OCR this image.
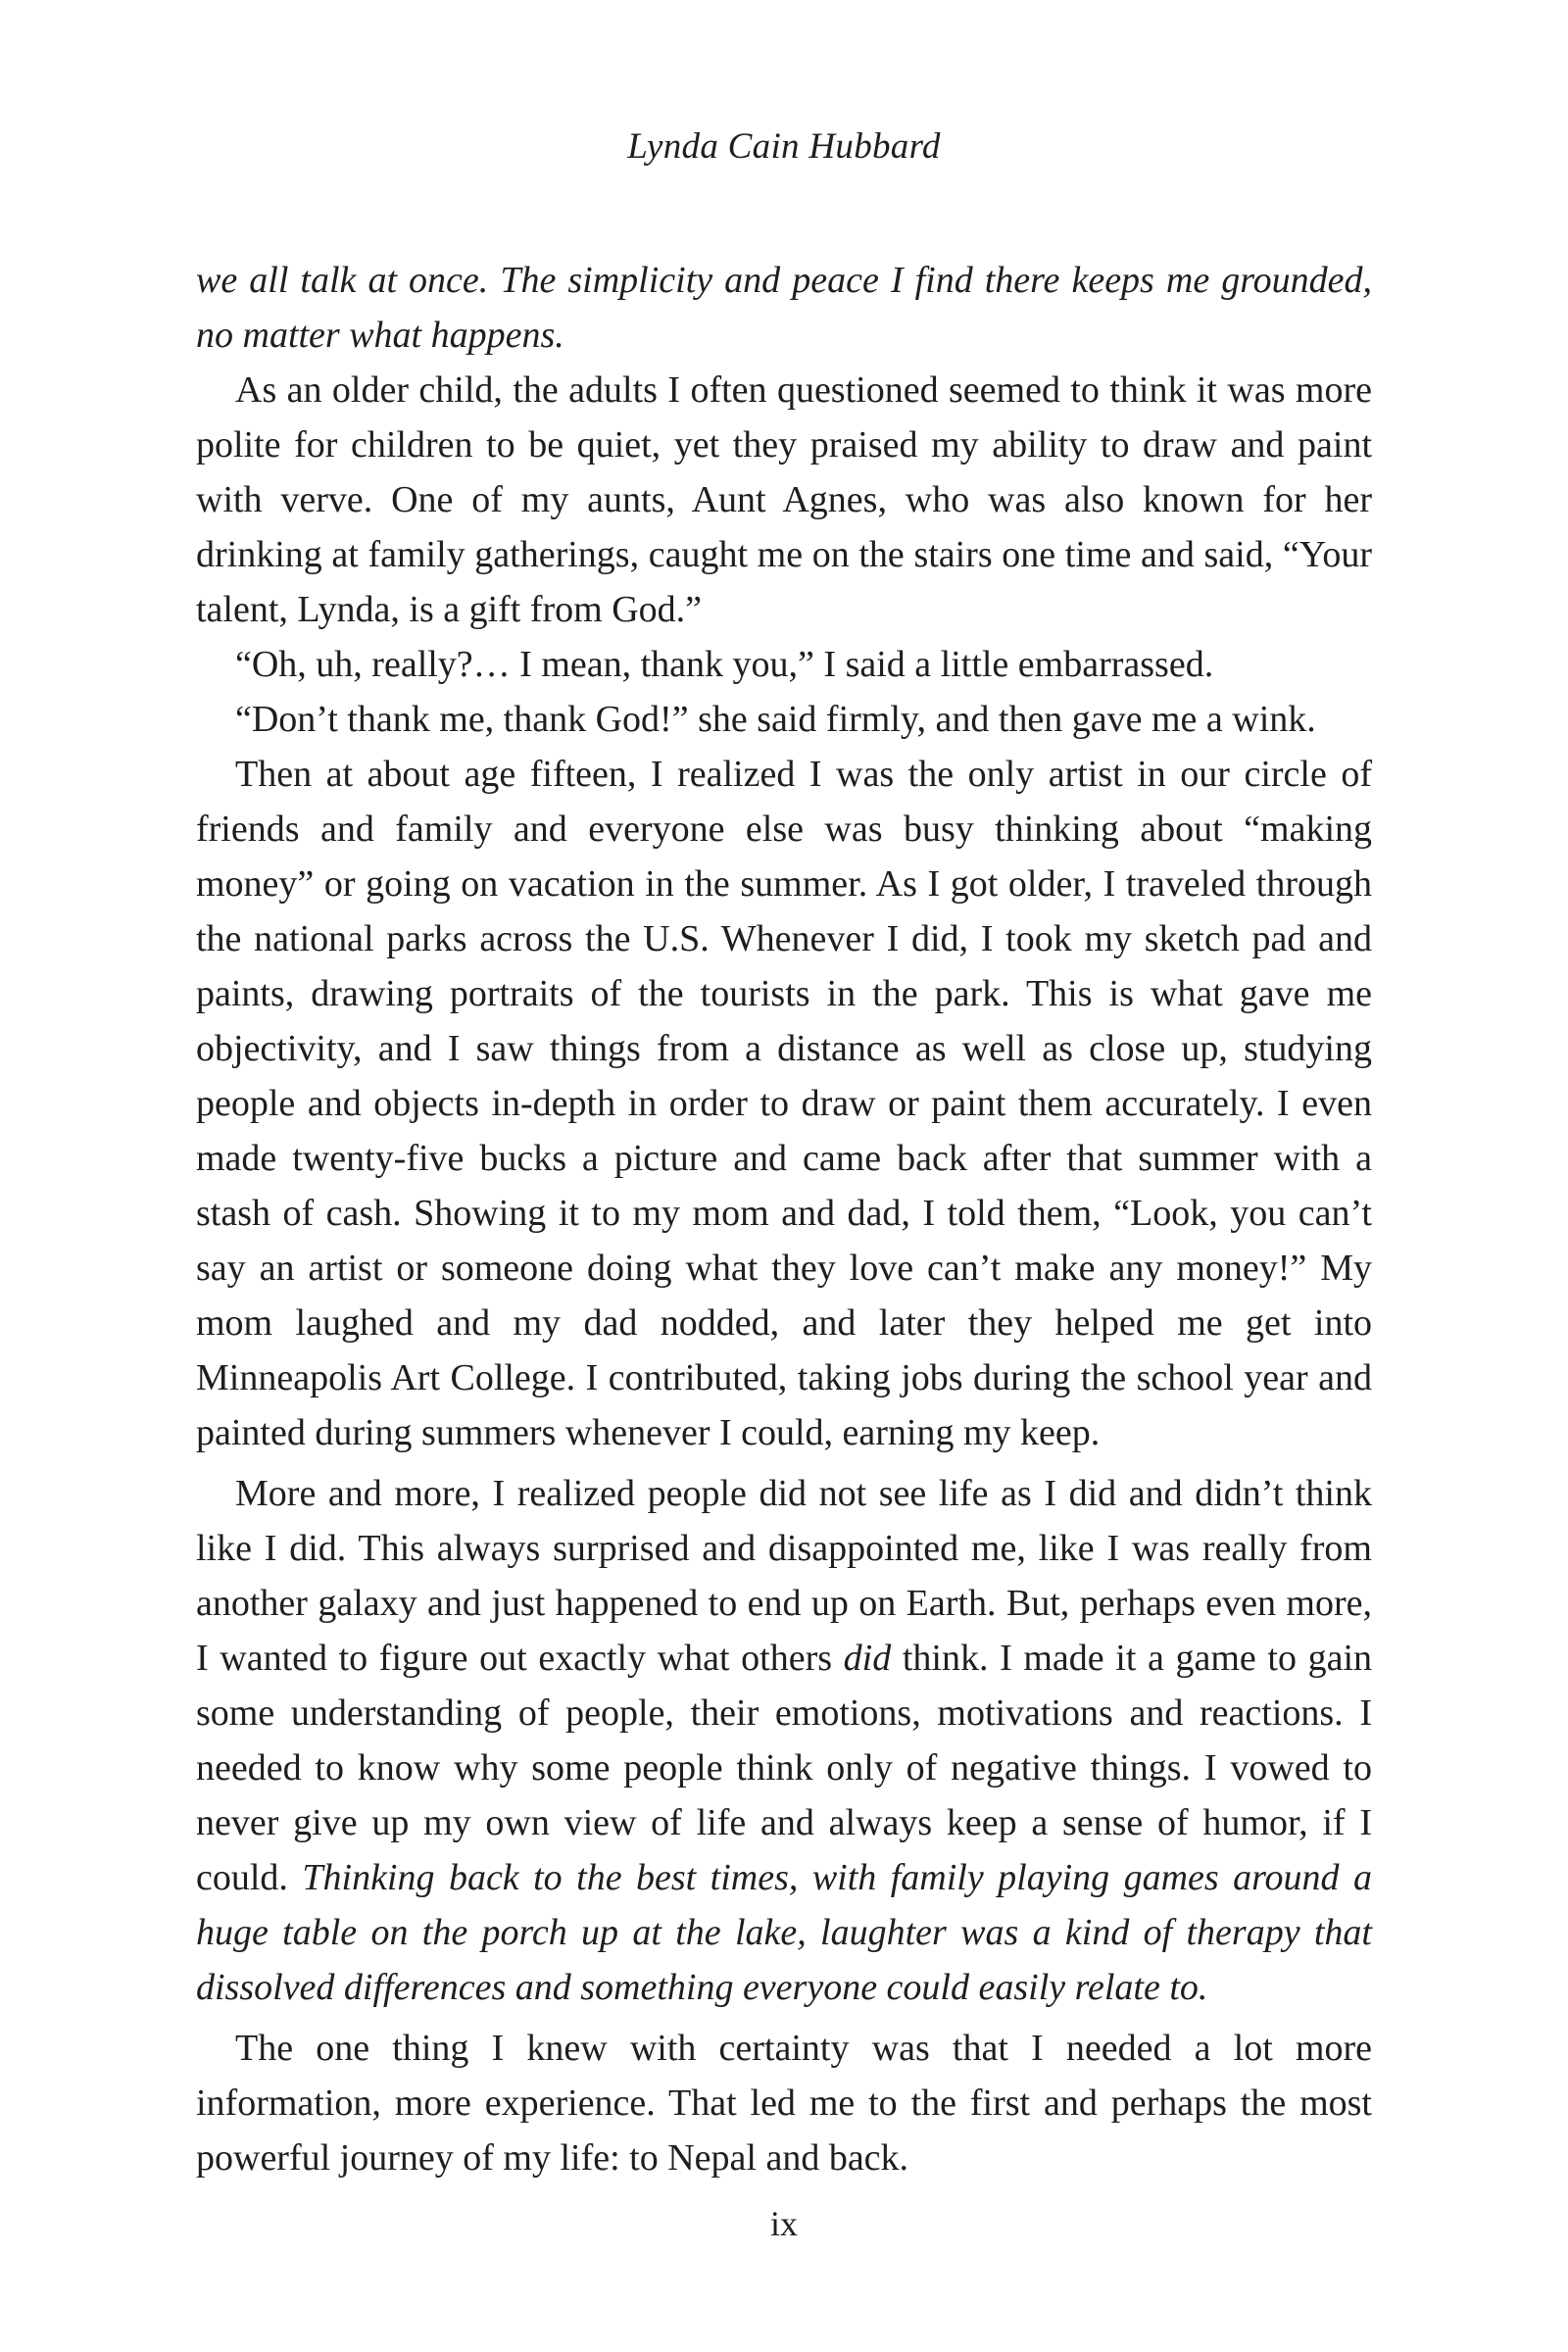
Lynda Cain Hubbard

we all talk at once. The simplicity and peace I find there keeps me grounded, no matter what happens.

As an older child, the adults I often questioned seemed to think it was more polite for children to be quiet, yet they praised my ability to draw and paint with verve. One of my aunts, Aunt Agnes, who was also known for her drinking at family gatherings, caught me on the stairs one time and said, “Your talent, Lynda, is a gift from God.”

“Oh, uh, really?… I mean, thank you,” I said a little embarrassed.

“Don’t thank me, thank God!” she said firmly, and then gave me a wink.

Then at about age fifteen, I realized I was the only artist in our circle of friends and family and everyone else was busy thinking about “making money” or going on vacation in the summer. As I got older, I traveled through the national parks across the U.S. Whenever I did, I took my sketch pad and paints, drawing portraits of the tourists in the park. This is what gave me objectivity, and I saw things from a distance as well as close up, studying people and objects in-depth in order to draw or paint them accurately. I even made twenty-five bucks a picture and came back after that summer with a stash of cash. Showing it to my mom and dad, I told them, “Look, you can’t say an artist or someone doing what they love can’t make any money!” My mom laughed and my dad nodded, and later they helped me get into Minneapolis Art College. I contributed, taking jobs during the school year and painted during summers whenever I could, earning my keep.

More and more, I realized people did not see life as I did and didn’t think like I did. This always surprised and disappointed me, like I was really from another galaxy and just happened to end up on Earth. But, perhaps even more, I wanted to figure out exactly what others did think. I made it a game to gain some understanding of people, their emotions, motivations and reactions. I needed to know why some people think only of negative things. I vowed to never give up my own view of life and always keep a sense of humor, if I could. Thinking back to the best times, with family playing games around a huge table on the porch up at the lake, laughter was a kind of therapy that dissolved differences and something everyone could easily relate to.

The one thing I knew with certainty was that I needed a lot more information, more experience. That led me to the first and perhaps the most powerful journey of my life: to Nepal and back.

ix
